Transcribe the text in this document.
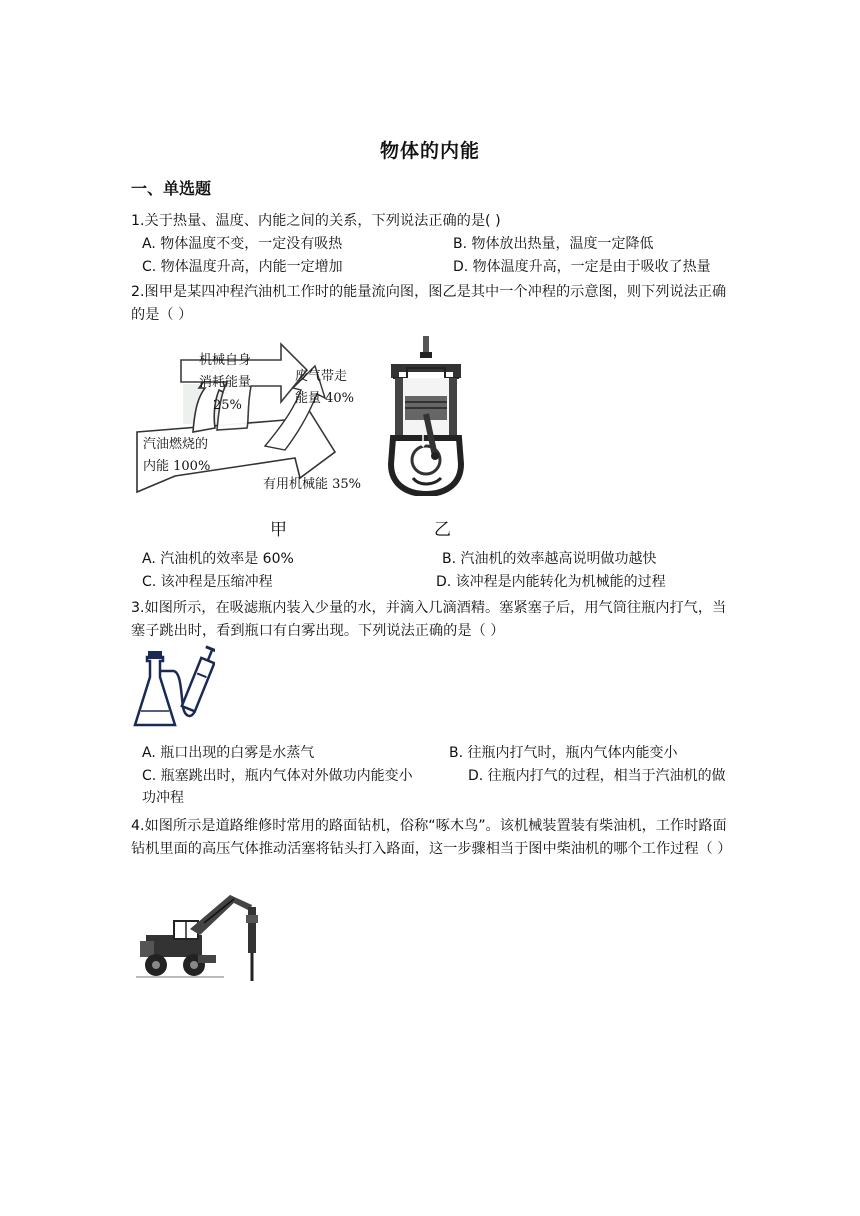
物体的内能
一、单选题
1.关于热量、温度、内能之间的关系，下列说法正确的是( )
A. 物体温度不变，一定没有吸热	B. 物体放出热量，温度一定降低
C. 物体温度升高，内能一定增加	D. 物体温度升高，一定是由于吸收了热量
2.图甲是某四冲程汽油机工作时的能量流向图，图乙是其中一个冲程的示意图，则下列说法正确的是（ ）
机械自身
消耗能量
25%
废气带走
能量 40%
汽油燃烧的
内能 100%
有用机械能 35%
甲	乙
A. 汽油机的效率是 60%	B. 汽油机的效率越高说明做功越快
C. 该冲程是压缩冲程	D. 该冲程是内能转化为机械能的过程
3.如图所示，在吸滤瓶内装入少量的水，并滴入几滴酒精。塞紧塞子后，用气筒往瓶内打气，当塞子跳出时，看到瓶口有白雾出现。下列说法正确的是（ ）
A. 瓶口出现的白雾是水蒸气	B. 往瓶内打气时，瓶内气体内能变小
C. 瓶塞跳出时，瓶内气体对外做功内能变小	D. 往瓶内打气的过程，相当于汽油机的做功冲程
4.如图所示是道路维修时常用的路面钻机，俗称“啄木鸟”。该机械装置装有柴油机，工作时路面钻机里面的高压气体推动活塞将钻头打入路面，这一步骤相当于图中柴油机的哪个工作过程（ ）
